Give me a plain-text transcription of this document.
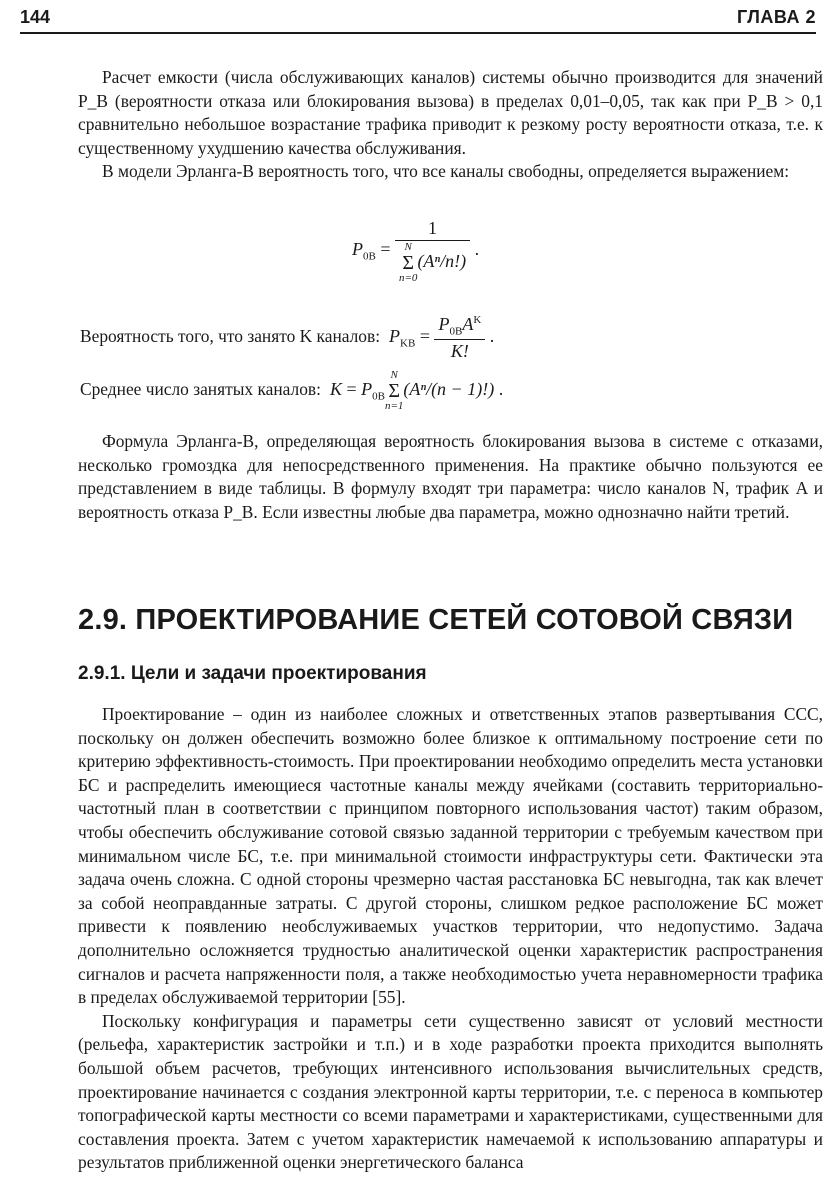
144	ГЛАВА 2

Расчет емкости (числа обслуживающих каналов) системы обычно производится для значений P_B (вероятности отказа или блокирования вызова) в пределах 0,01–0,05, так как при P_B > 0,1 сравнительно небольшое возрастание трафика приводит к резкому росту вероятности отказа, т.е. к существенному ухудшению качества обслуживания.

В модели Эрланга-B вероятность того, что все каналы свободны, определяется выражением:

$P_{0B} = 1$
N
Σ
n=0
(Aⁿ/n!) .
Вероятность того, что занято K каналов: $P_{KB} = \frac{P_{0B}A^K}{K!}$ .
Среднее число занятых каналов: $K = P_{0B}$
N
Σ
n=1
(Aⁿ/(n − 1)!) .

Формула Эрланга-B, определяющая вероятность блокирования вызова в системе с отказами, несколько громоздка для непосредственного применения. На практике обычно пользуются ее представлением в виде таблицы. В формулу входят три параметра: число каналов N, трафик A и вероятность отказа P_B. Если известны любые два параметра, можно однозначно найти третий.

2.9. ПРОЕКТИРОВАНИЕ СЕТЕЙ СОТОВОЙ СВЯЗИ
2.9.1. Цели и задачи проектирования

Проектирование – один из наиболее сложных и ответственных этапов развертывания ССС, поскольку он должен обеспечить возможно более близкое к оптимальному построение сети по критерию эффективность-стоимость. При проектировании необходимо определить места установки БС и распределить имеющиеся частотные каналы между ячейками (составить территориально-частотный план в соответствии с принципом повторного использования частот) таким образом, чтобы обеспечить обслуживание сотовой связью заданной территории с требуемым качеством при минимальном числе БС, т.е. при минимальной стоимости инфраструктуры сети. Фактически эта задача очень сложна. С одной стороны чрезмерно частая расстановка БС невыгодна, так как влечет за собой неоправданные затраты. С другой стороны, слишком редкое расположение БС может привести к появлению необслуживаемых участков территории, что недопустимо. Задача дополнительно осложняется трудностью аналитической оценки характеристик распространения сигналов и расчета напряженности поля, а также необходимостью учета неравномерности трафика в пределах обслуживаемой территории [55].

Поскольку конфигурация и параметры сети существенно зависят от условий местности (рельефа, характеристик застройки и т.п.) и в ходе разработки проекта приходится выполнять большой объем расчетов, требующих интенсивного использования вычислительных средств, проектирование начинается с создания электронной карты территории, т.е. с переноса в компьютер топографической карты местности со всеми параметрами и характеристиками, существенными для составления проекта. Затем с учетом характеристик намечаемой к использованию аппаратуры и результатов приближенной оценки энергетического баланса
